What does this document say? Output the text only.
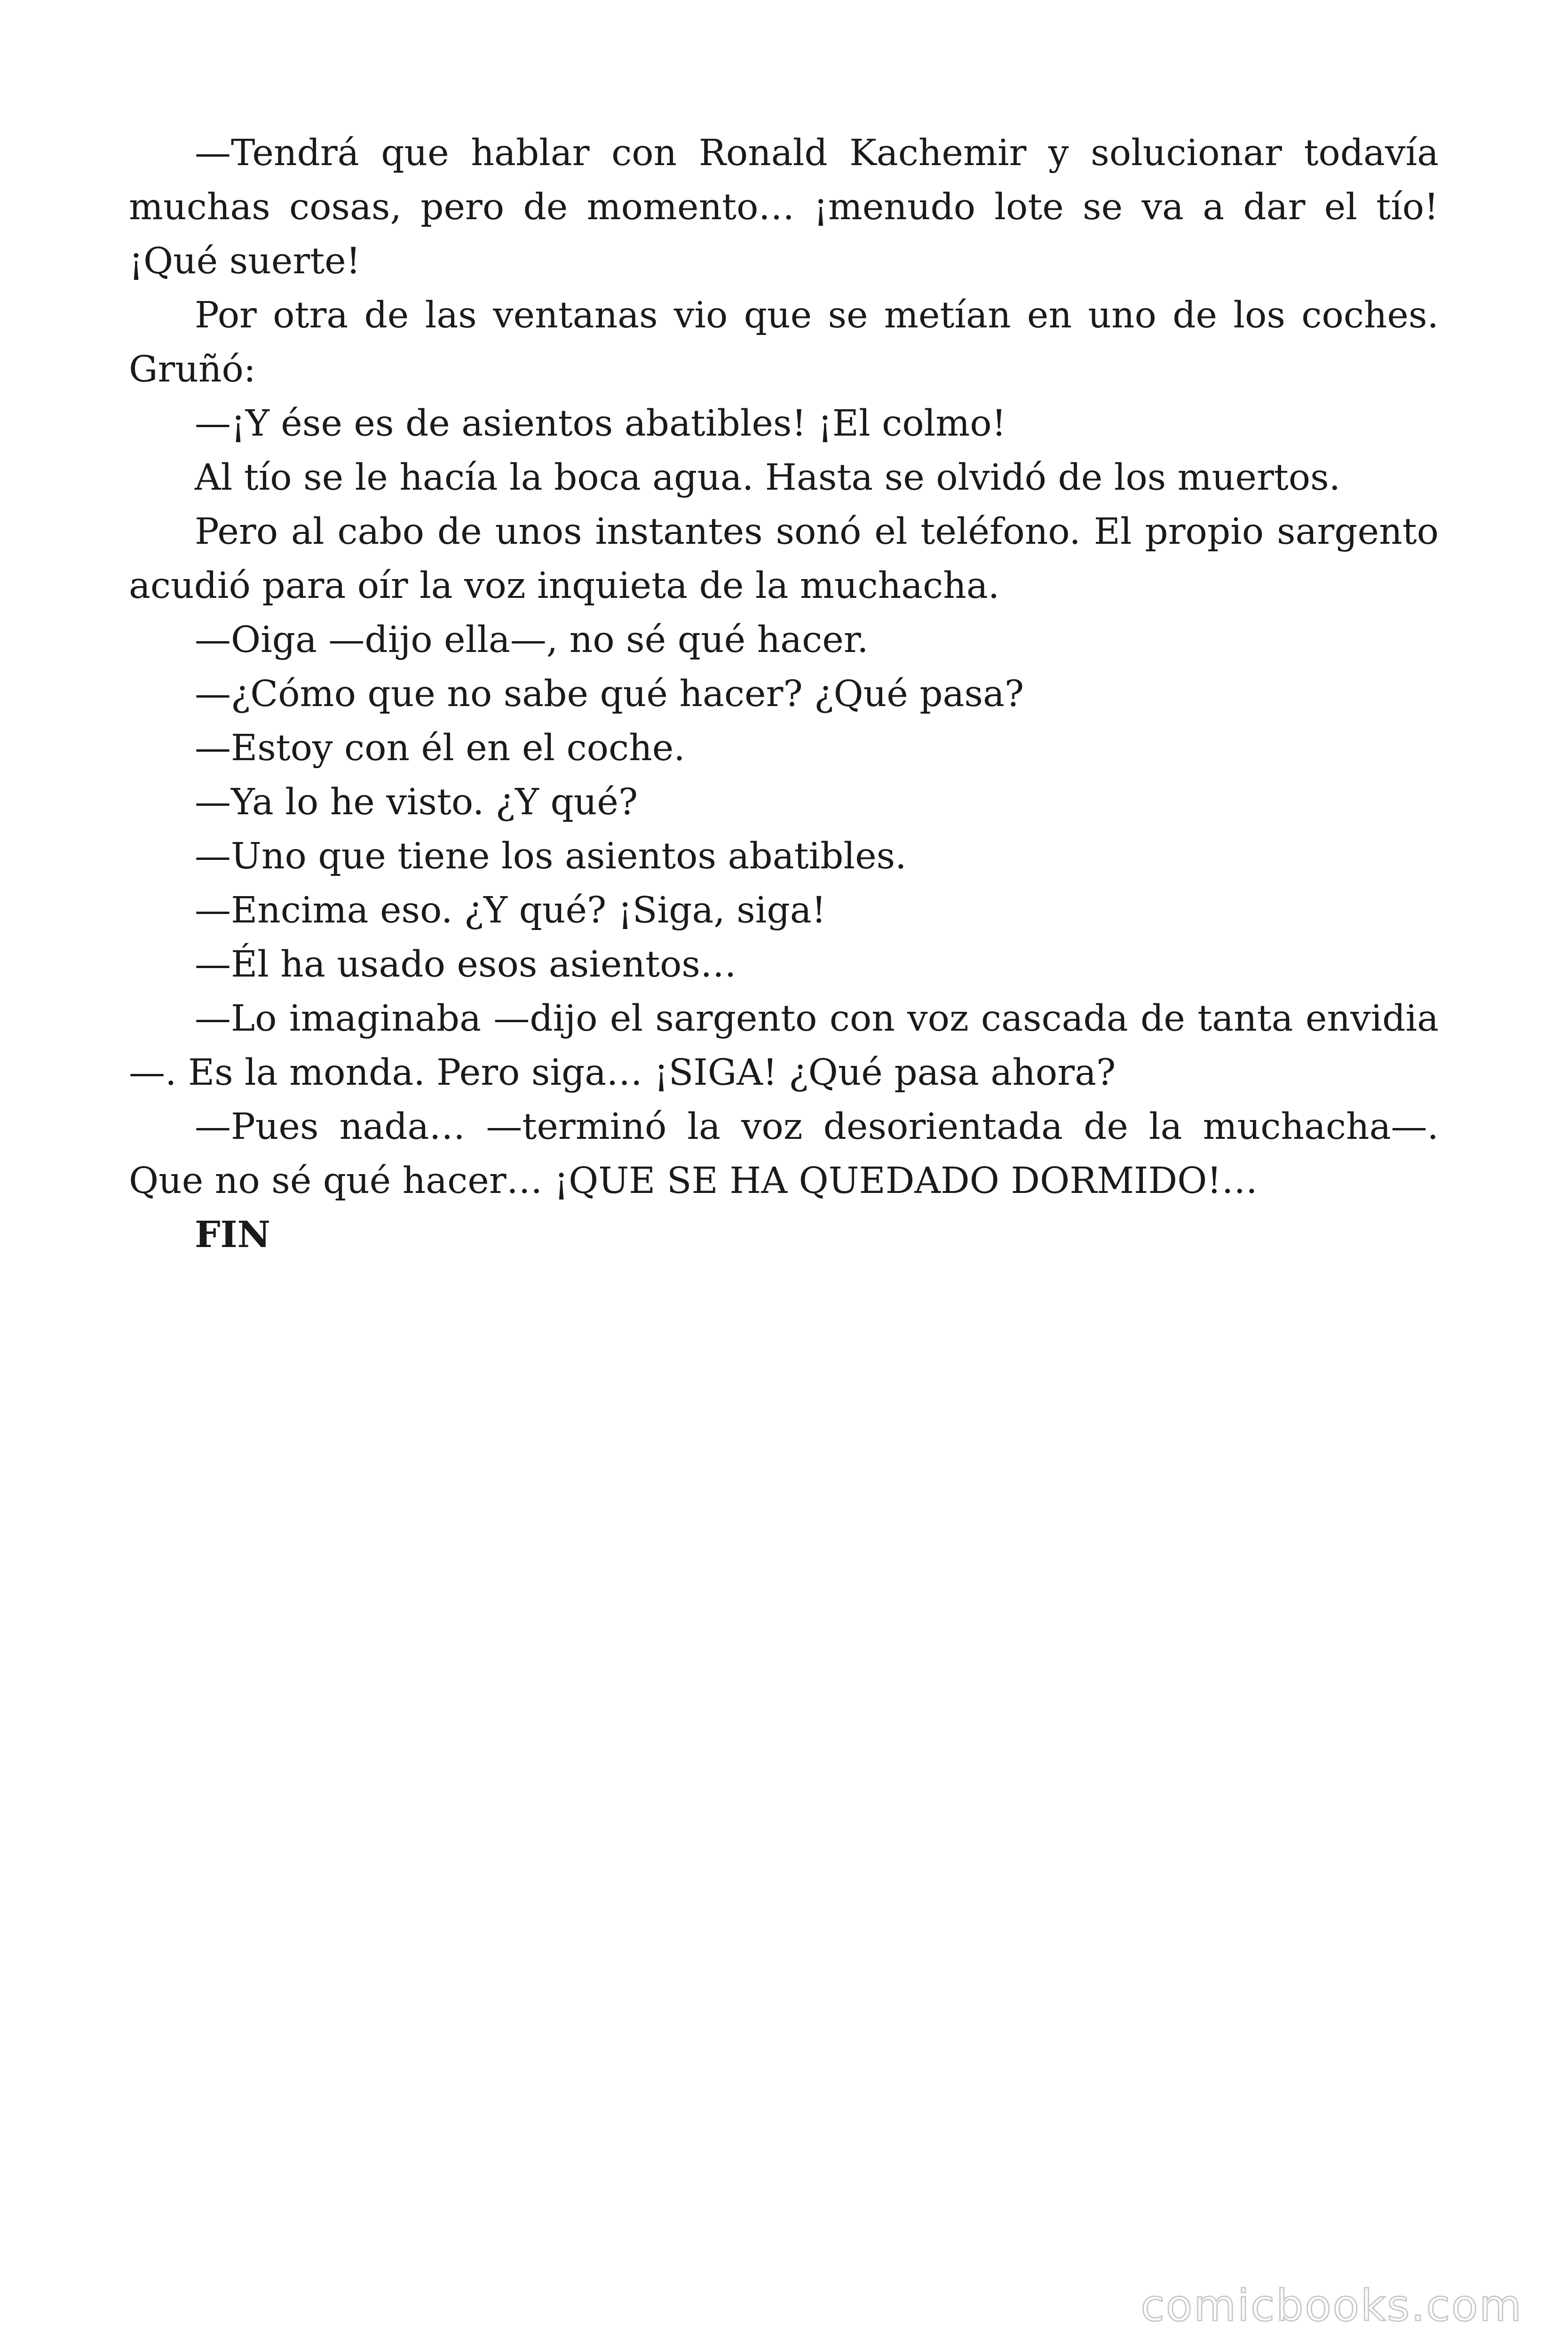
—Tendrá que hablar con Ronald Kachemir y solucionar todavía muchas cosas, pero de momento… ¡menudo lote se va a dar el tío! ¡Qué suerte!

Por otra de las ventanas vio que se metían en uno de los coches. Gruñó:

—¡Y ése es de asientos abatibles! ¡El colmo!

Al tío se le hacía la boca agua. Hasta se olvidó de los muertos.

Pero al cabo de unos instantes sonó el teléfono. El propio sargento acudió para oír la voz inquieta de la muchacha.

—Oiga —dijo ella—, no sé qué hacer.

—¿Cómo que no sabe qué hacer? ¿Qué pasa?

—Estoy con él en el coche.

—Ya lo he visto. ¿Y qué?

—Uno que tiene los asientos abatibles.

—Encima eso. ¿Y qué? ¡Siga, siga!

—Él ha usado esos asientos…

—Lo imaginaba —dijo el sargento con voz cascada de tanta envidia—. Es la monda. Pero siga… ¡SIGA! ¿Qué pasa ahora?

—Pues nada… —terminó la voz desorientada de la muchacha—. Que no sé qué hacer… ¡QUE SE HA QUEDADO DORMIDO!…

FIN

comicbooks.com
